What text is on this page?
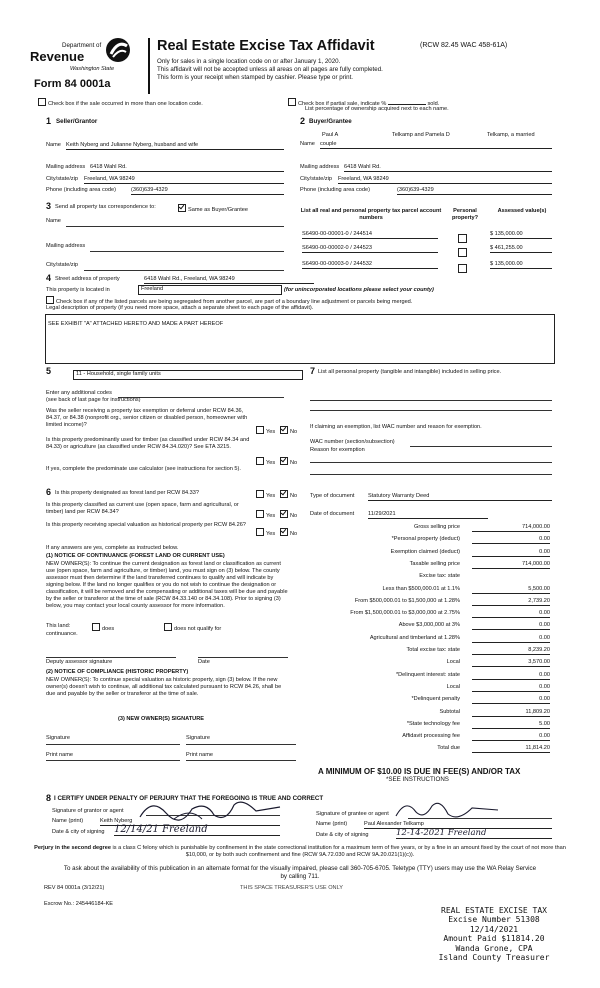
Department of
Revenue
Washington State
Form 84 0001a
Real Estate Excise Tax Affidavit	(RCW 82.45 WAC 458-61A)
Only for sales in a single location code on or after January 1, 2020.
This affidavit will not be accepted unless all areas on all pages are fully completed.
This form is your receipt when stamped by cashier. Please type or print.
Check box if the sale occurred in more than one location code.	Check box if partial sale, indicate %	sold.
List percentage of ownership acquired next to each name.
1 Seller/Grantor	2 Buyer/Grantee
Name Keith Nyberg and Julianne Nyberg, husband and wife
Paul A	Telkamp and Pamela D	Telkamp, a married
Name couple
Mailing address 6418 Wahl Rd.	Mailing address 6418 Wahl Rd.
City/state/zip Freeland, WA 98249	City/state/zip Freeland, WA 98249
Phone (including area code)	(360)639-4329	Phone (including area code)	(360)639-4329
3 Send all property tax correspondence to:	Same as Buyer/Grantee
Name
Mailing address
City/state/zip
List all real and personal property tax parcel account numbers
Personal property?
Assessed value(s)
S6490-00-00001-0 / 244514	$ 135,000.00
S6490-00-00002-0 / 244523	$ 461,255.00
S6490-00-00003-0 / 244532	$ 135,000.00
4 Street address of property	6418 Wahl Rd., Freeland, WA 98249
This property is located in	Freeland	(for unincorporated locations please select your county)
Check box if any of the listed parcels are being segregated from another parcel, are part of a boundary line adjustment or parcels being merged.
Legal description of property (if you need more space, attach a separate sheet to each page of the affidavit).
SEE EXHIBIT "A" ATTACHED HERETO AND MADE A PART HEREOF
5	11 - Household, single family units
Enter any additional codes
(see back of last page for instructions)
Was the seller receiving a property tax exemption or deferral under RCW 84.36, 84.37, or 84.38 (nonprofit org., senior citizen or disabled person, homeowner with limited income)?
Yes	No
Is this property predominantly used for timber (as classified under RCW 84.34 and 84.33) or agriculture (as classified under RCW 84.34.020)? See ETA 3215.
Yes	No
If yes, complete the predominate use calculator (see instructions for section 5).
6 Is this property designated as forest land per RCW 84.33?	Yes	No
Is this property classified as current use (open space, farm and agricultural, or timber) land per RCW 84.34?
Yes	No
Is this property receiving special valuation as historical property per RCW 84.26?
Yes	No
If any answers are yes, complete as instructed below.
(1) NOTICE OF CONTINUANCE (FOREST LAND OR CURRENT USE)
NEW OWNER(S): To continue the current designation as forest land or classification as current use (open space, farm and agriculture, or timber) land, you must sign on (3) below. The county assessor must then determine if the land transferred continues to qualify and will indicate by signing below. If the land no longer qualifies or you do not wish to continue the designation or classification, it will be removed and the compensating or additional taxes will be due and payable by the seller or transferor at the time of sale (RCW 84.33.140 or 84.34.108). Prior to signing (3) below, you may contact your local county assessor for more information.
This land:	does	does not qualify for
continuance.
Deputy assessor signature	Date
(2) NOTICE OF COMPLIANCE (HISTORIC PROPERTY)
NEW OWNER(S): To continue special valuation as historic property, sign (3) below. If the new owner(s) doesn't wish to continue, all additional tax calculated pursuant to RCW 84.26, shall be due and payable by the seller or transferor at the time of sale.
(3) NEW OWNER(S) SIGNATURE
Signature	Signature
Print name	Print name
7 List all personal property (tangible and intangible) included in selling price.
If claiming an exemption, list WAC number and reason for exemption.
WAC number (section/subsection)
Reason for exemption
Type of document Statutory Warranty Deed
Date of document 11/29/2021
Gross selling price	714,000.00
*Personal property (deduct)	0.00
Exemption claimed (deduct)	0.00
Taxable selling price	714,000.00
Excise tax: state
Less than $500,000.01 at 1.1%	5,500.00
From $500,000.01 to $1,500,000 at 1.28%	2,739.20
From $1,500,000.01 to $3,000,000 at 2.75%	0.00
Above $3,000,000 at 3%	0.00
Agricultural and timberland at 1.28%	0.00
Total excise tax: state	8,239.20
Local	3,570.00
*Delinquent interest: state	0.00
Local	0.00
*Delinquent penalty	0.00
Subtotal	11,809.20
*State technology fee	5.00
Affidavit processing fee	0.00
Total due	11,814.20
A MINIMUM OF $10.00 IS DUE IN FEE(S) AND/OR TAX
*SEE INSTRUCTIONS
8 I CERTIFY UNDER PENALTY OF PERJURY THAT THE FOREGOING IS TRUE AND CORRECT
Signature of grantor or agent
Name (print)	Keith Nyberg
Date & city of signing 12/14/21 Freeland
Signature of grantee or agent
Name (print)	Paul Alexander Telkamp
Date & city of signing	12-14-2021 Freeland
Perjury in the second degree is a class C felony which is punishable by confinement in the state correctional institution for a maximum term of five years, or by a fine in an amount fixed by the court of not more than $10,000, or by both such confinement and fine (RCW 9A.72.030 and RCW 9A.20.021(1)(c)).
To ask about the availability of this publication in an alternate format for the visually impaired, please call 360-705-6705. Teletype (TTY) users may use the WA Relay Service by calling 711.
REV 84 0001a (3/12/21)	THIS SPACE TREASURER'S USE ONLY
Escrow No.: 245446184-KE
REAL ESTATE EXCISE TAX
Excise Number 51308
12/14/2021
Amount Paid $11814.20
Wanda Grone, CPA
Island County Treasurer
